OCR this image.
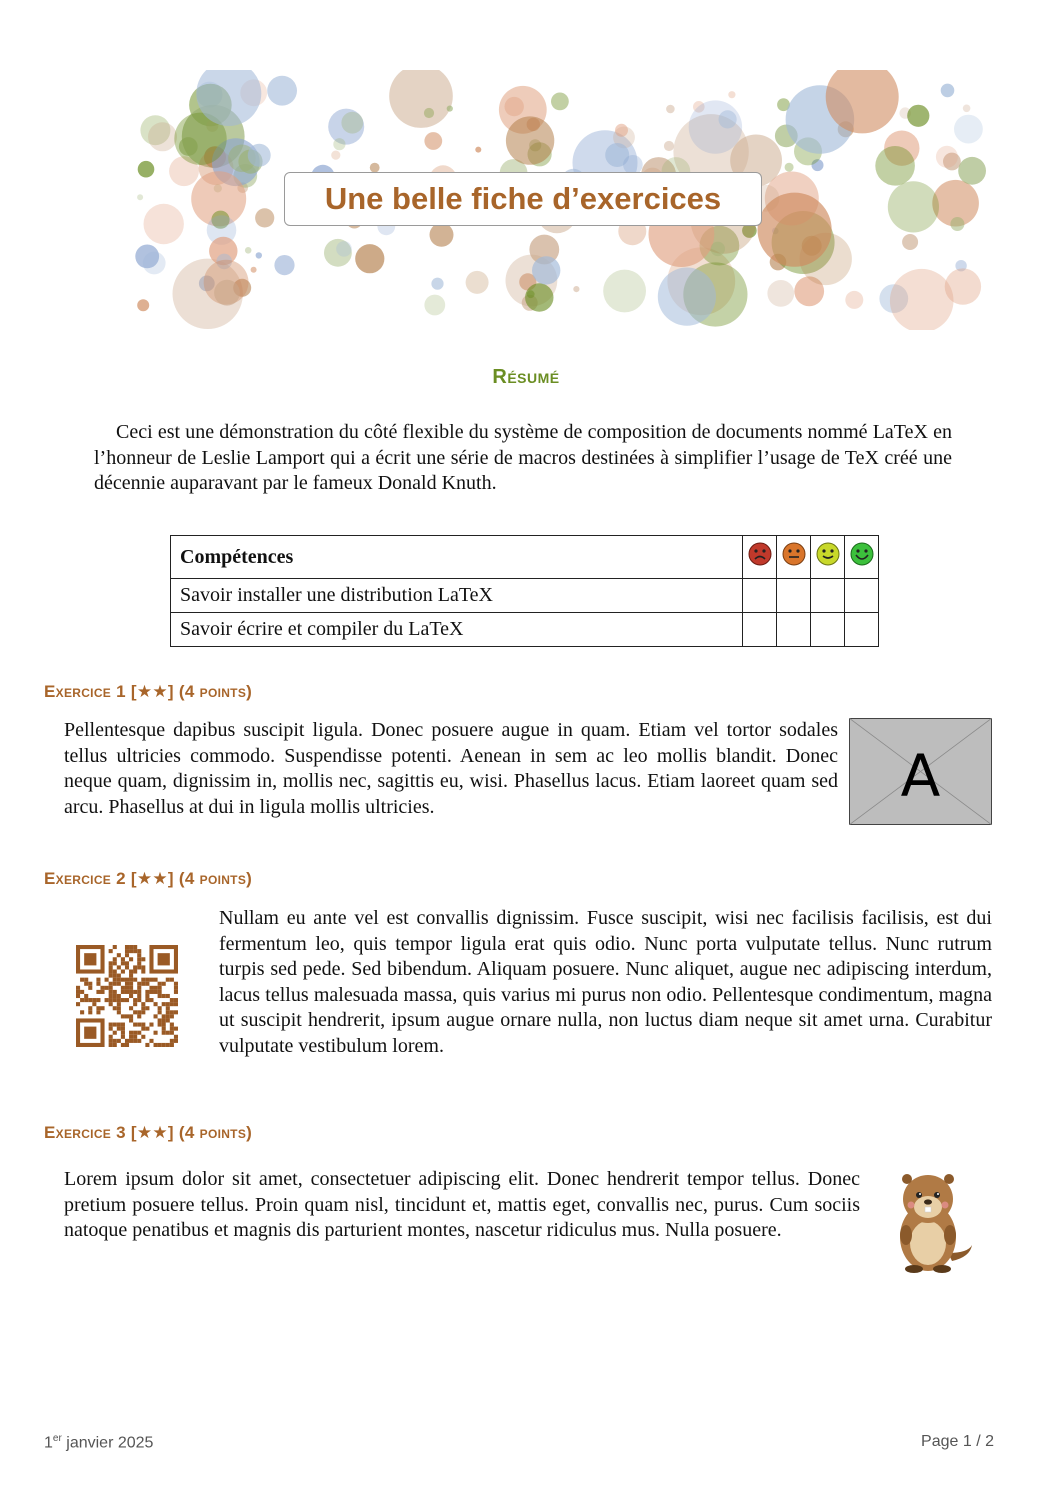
Une belle fiche d’exercices
Résumé
Ceci est une démonstration du côté flexible du système de composition de documents nommé LaTeX en l’honneur de Leslie Lamport qui a écrit une série de macros destinées à simplifier l’usage de TeX créé une décennie auparavant par le fameux Donald Knuth.
Compétences				
Savoir installer une distribution LaTeX				
Savoir écrire et compiler du LaTeX				
Exercice 1 [★★] (4 points)
Pellentesque dapibus suscipit ligula. Donec posuere augue in quam. Etiam vel tortor sodales tellus ultricies commodo. Suspendisse potenti. Aenean in sem ac leo mollis blandit. Donec neque quam, dignissim in, mollis nec, sagittis eu, wisi. Phasellus lacus. Etiam laoreet quam sed arcu. Phasellus at dui in ligula mollis ultricies.	A
Exercice 2 [★★] (4 points)
Nullam eu ante vel est convallis dignissim. Fusce suscipit, wisi nec facilisis facilisis, est dui fermentum leo, quis tempor ligula erat quis odio. Nunc porta vulputate tellus. Nunc rutrum turpis sed pede. Sed bibendum. Aliquam posuere. Nunc aliquet, augue nec adipiscing interdum, lacus tellus malesuada massa, quis varius mi purus non odio. Pellentesque condimentum, magna ut suscipit hendrerit, ipsum augue ornare nulla, non luctus diam neque sit amet urna. Curabitur vulputate vestibulum lorem.
Exercice 3 [★★] (4 points)
Lorem ipsum dolor sit amet, consectetuer adipiscing elit. Donec hendrerit tempor tellus. Donec pretium posuere tellus. Proin quam nisl, tincidunt et, mattis eget, convallis nec, purus. Cum sociis natoque penatibus et magnis dis parturient montes, nascetur ridiculus mus. Nulla posuere.
1er janvier 2025	Page 1 / 2
